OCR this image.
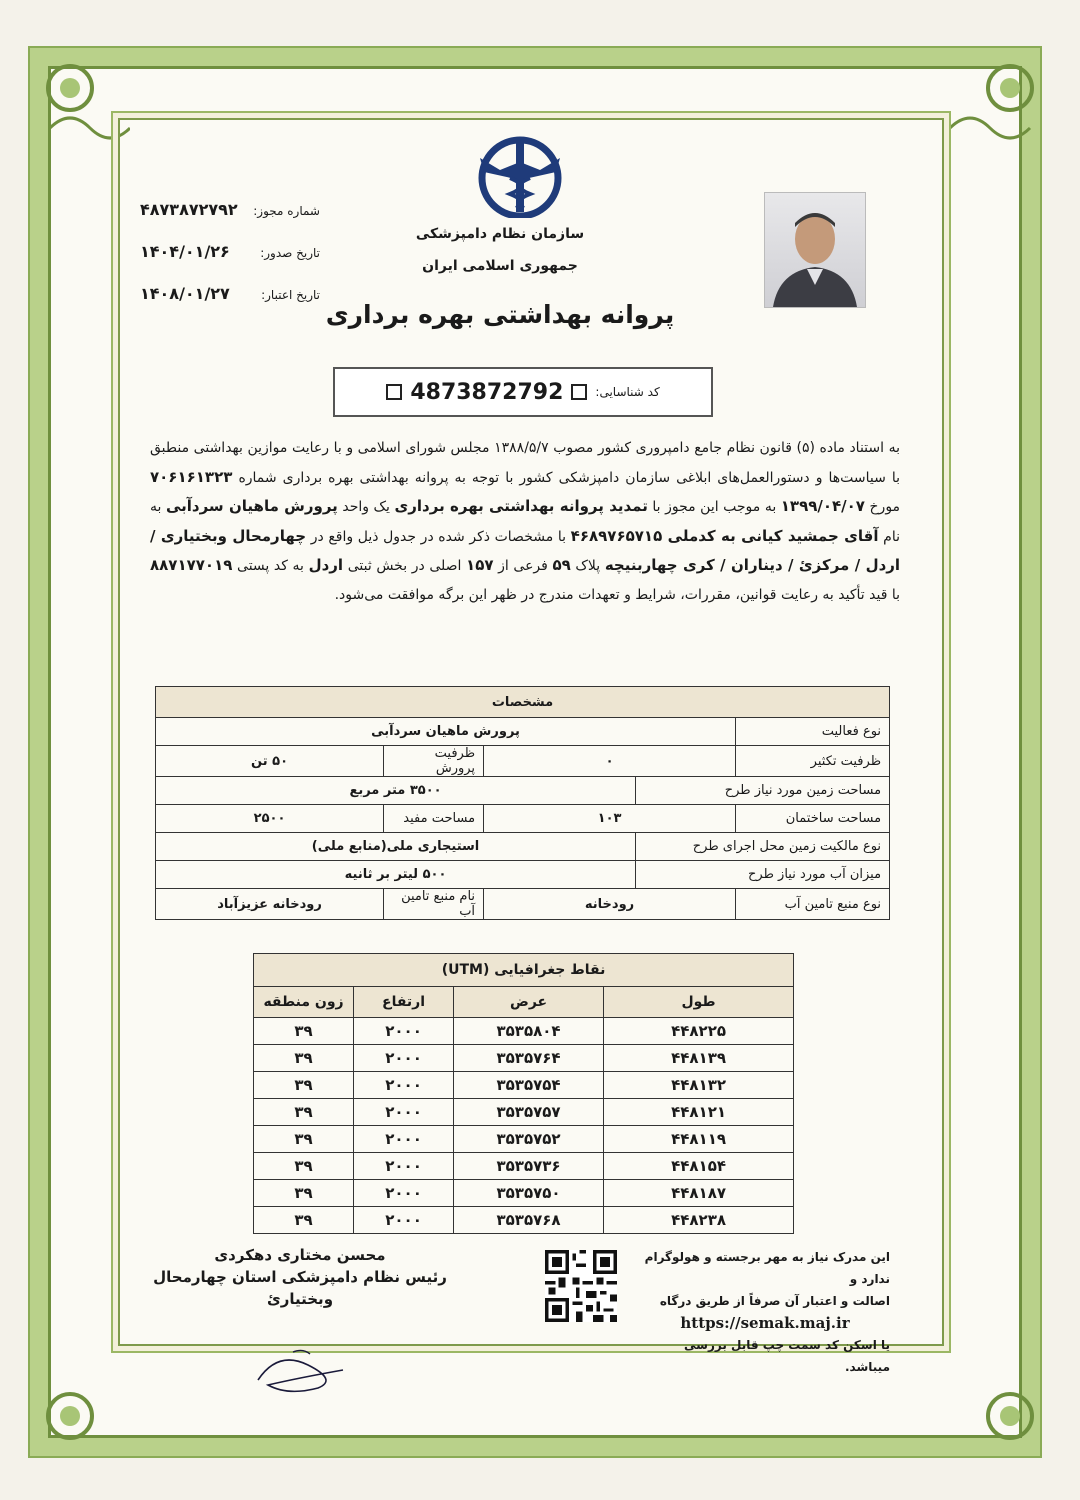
سازمان نظام دامپزشکی
جمهوری اسلامی ایران
پروانه بهداشتی بهره برداری
شماره مجوز:
۴۸۷۳۸۷۲۷۹۲
تاریخ صدور:
۱۴۰۴/۰۱/۲۶
تاریخ اعتبار:
۱۴۰۸/۰۱/۲۷
کد شناسایی:
4873872792
به استناد ماده (۵) قانون نظام جامع دامپروری کشور مصوب ۱۳۸۸/۵/۷ مجلس شورای اسلامی و با رعایت موازین بهداشتی منطبق با سیاست‌ها و دستورالعمل‌های ابلاغی سازمان دامپزشکی کشور با توجه به پروانه بهداشتی بهره برداری شماره ۷۰۶۱۶۱۳۲۳ مورخ ۱۳۹۹/۰۴/۰۷ به موجب این مجوز با تمدید پروانه بهداشتی بهره برداری یک واحد پرورش ماهیان سردآبی به نام آقای جمشید کیانی به کدملی ۴۶۸۹۷۶۵۷۱۵ با مشخصات ذکر شده در جدول ذیل واقع در چهارمحال وبختیاری / اردل / مرکزئ / دیناران / کری چهاربنیچه پلاک ۵۹ فرعی از ۱۵۷ اصلی در بخش ثبتی اردل به کد پستی ۸۸۷۱۷۷۰۱۹ با قید تأکید به رعایت قوانین، مقررات، شرایط و تعهدات مندرج در ظهر این برگه موافقت می‌شود.
مشخصات				
نوع فعالیت	پرورش ماهیان سردآبی			
ظرفیت تکثیر	۰		ظرفیت پرورش	۵۰ تن
مساحت زمین مورد نیاز طرح		۳۵۰۰ متر مربع		
مساحت ساختمان	۱۰۳		مساحت مفید	۲۵۰۰
نوع مالکیت زمین محل اجرای طرح		استیجاری ملی(منابع ملی)		
میزان آب مورد نیاز طرح		۵۰۰ لیتر بر ثانیه		
نوع منبع تامین آب	رودخانه		نام منبع تامین آب	رودخانه عزیزآباد
نقاط جغرافیایی (UTM)			
طول	عرض	ارتفاع	زون منطقه
۴۴۸۲۲۵	۳۵۳۵۸۰۴	۲۰۰۰	۳۹
۴۴۸۱۳۹	۳۵۳۵۷۶۴	۲۰۰۰	۳۹
۴۴۸۱۳۲	۳۵۳۵۷۵۴	۲۰۰۰	۳۹
۴۴۸۱۲۱	۳۵۳۵۷۵۷	۲۰۰۰	۳۹
۴۴۸۱۱۹	۳۵۳۵۷۵۲	۲۰۰۰	۳۹
۴۴۸۱۵۴	۳۵۳۵۷۳۶	۲۰۰۰	۳۹
۴۴۸۱۸۷	۳۵۳۵۷۵۰	۲۰۰۰	۳۹
۴۴۸۲۳۸	۳۵۳۵۷۶۸	۲۰۰۰	۳۹
این مدرک نیاز به مهر برجسته و هولوگرام ندارد و
اصالت و اعتبار آن صرفاً از طریق درگاه
https://semak.maj.ir
یا اسکن کد سمت چپ قابل بررسی میباشد.
محسن مختاری دهکردی
رئیس نظام دامپزشکی استان چهارمحال
وبختیاریٔ
